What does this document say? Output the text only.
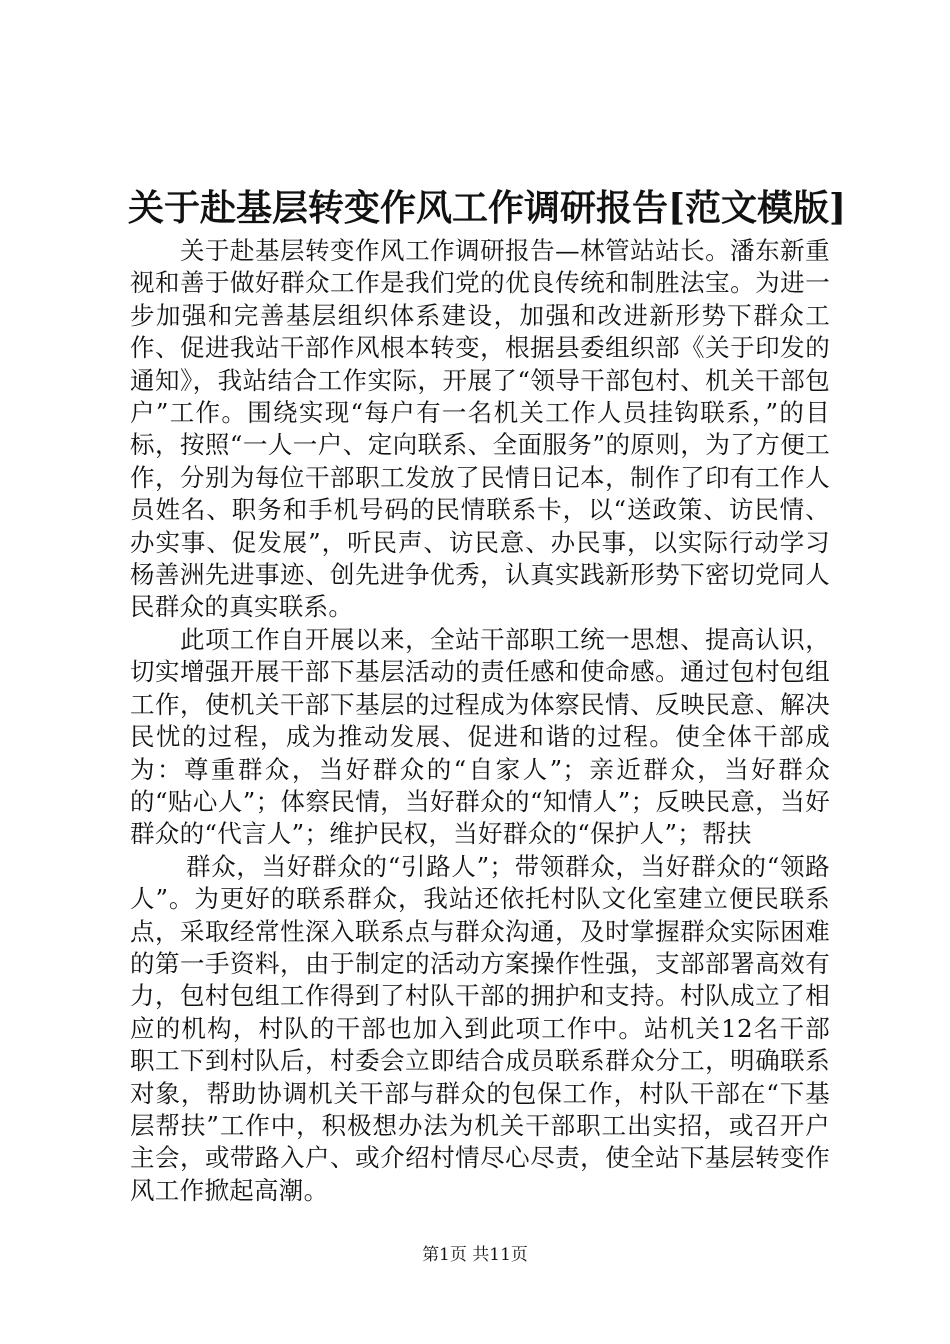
关于赴基层转变作风工作调研报告[范文模版]

关于赴基层转变作风工作调研报告—林管站站长。潘东新重视和善于做好群众工作是我们党的优良传统和制胜法宝。为进一步加强和完善基层组织体系建设，加强和改进新形势下群众工作、促进我站干部作风根本转变，根据县委组织部《关于印发的通知》，我站结合工作实际，开展了“领导干部包村、机关干部包户”工作。围绕实现“每户有一名机关工作人员挂钩联系，”的目标，按照“一人一户、定向联系、全面服务”的原则，为了方便工作，分别为每位干部职工发放了民情日记本，制作了印有工作人员姓名、职务和手机号码的民情联系卡，以“送政策、访民情、办实事、促发展”，听民声、访民意、办民事，以实际行动学习杨善洲先进事迹、创先进争优秀，认真实践新形势下密切党同人民群众的真实联系。

此项工作自开展以来，全站干部职工统一思想、提高认识，切实增强开展干部下基层活动的责任感和使命感。通过包村包组工作，使机关干部下基层的过程成为体察民情、反映民意、解决民忧的过程，成为推动发展、促进和谐的过程。使全体干部成为：尊重群众，当好群众的“自家人”；亲近群众，当好群众的“贴心人”；体察民情，当好群众的“知情人”；反映民意，当好群众的“代言人”；维护民权，当好群众的“保护人”；帮扶

群众，当好群众的“引路人”；带领群众，当好群众的“领路人”。为更好的联系群众，我站还依托村队文化室建立便民联系点，采取经常性深入联系点与群众沟通，及时掌握群众实际困难的第一手资料，由于制定的活动方案操作性强，支部部署高效有力，包村包组工作得到了村队干部的拥护和支持。村队成立了相应的机构，村队的干部也加入到此项工作中。站机关12名干部职工下到村队后，村委会立即结合成员联系群众分工，明确联系对象，帮助协调机关干部与群众的包保工作，村队干部在“下基层帮扶”工作中，积极想办法为机关干部职工出实招，或召开户主会，或带路入户、或介绍村情尽心尽责，使全站下基层转变作风工作掀起高潮。

第1页 共11页
